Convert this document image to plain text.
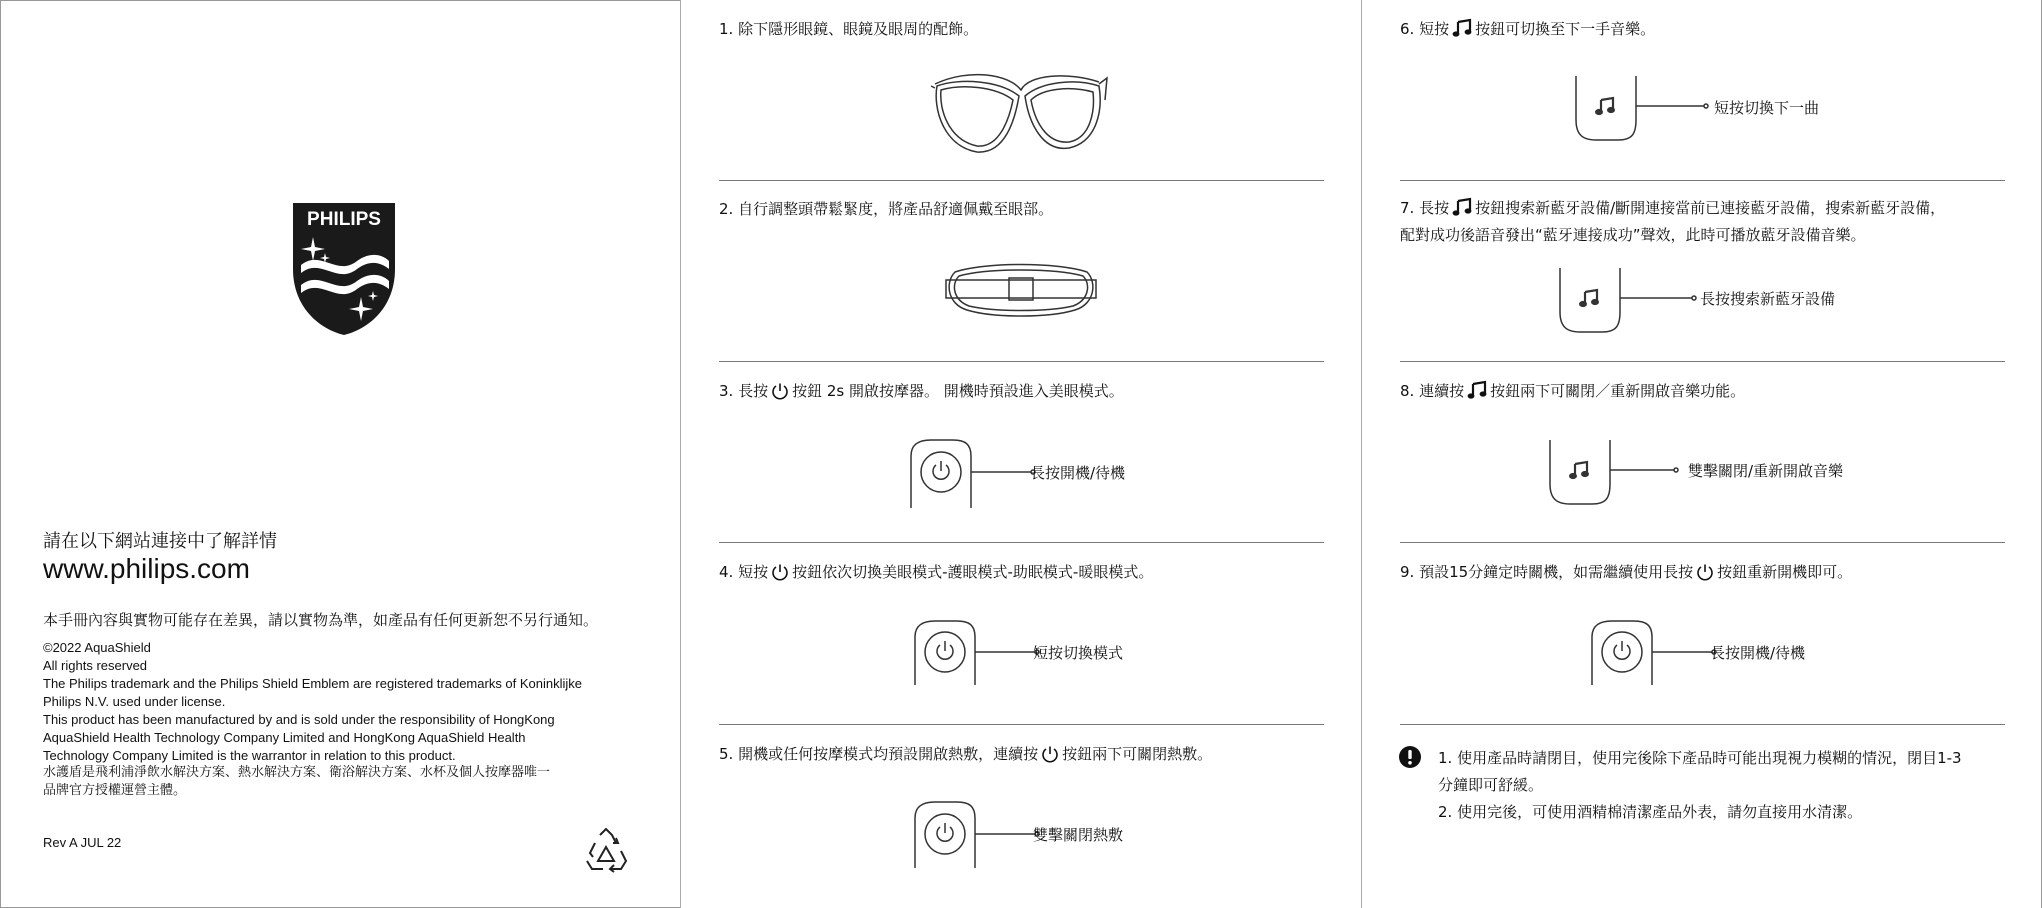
PHILIPS
請在以下網站連接中了解詳情
www.philips.com
本手冊內容與實物可能存在差異，請以實物為準，如產品有任何更新恕不另行通知。
©2022 AquaShield
All rights reserved
The Philips trademark and the Philips Shield Emblem are registered trademarks of Koninklijke
Philips N.V. used under license.
This product has been manufactured by and is sold under the responsibility of HongKong
AquaShield Health Technology Company Limited and HongKong AquaShield Health
Technology Company Limited is the warrantor in relation to this product.
水護盾是飛利浦淨飲水解決方案、熱水解決方案、衛浴解決方案、水杯及個人按摩器唯一
品牌官方授權運營主體。
Rev A JUL 22
1. 除下隱形眼鏡、眼鏡及眼周的配飾。
2. 自行調整頭帶鬆緊度，將產品舒適佩戴至眼部。
3. 長按 按鈕 2s 開啟按摩器。 開機時預設進入美眼模式。
長按開機/待機
4. 短按 按鈕依次切換美眼模式-護眼模式-助眠模式-暖眼模式。
短按切換模式
5. 開機或任何按摩模式均預設開啟熱敷，連續按 按鈕兩下可關閉熱敷。
雙擊關閉熱敷
6. 短按 按鈕可切換至下一手音樂。
短按切換下一曲
7. 長按 按鈕搜索新藍牙設備/斷開連接當前已連接藍牙設備，搜索新藍牙設備，
配對成功後語音發出“藍牙連接成功”聲效，此時可播放藍牙設備音樂。
長按搜索新藍牙設備
8. 連續按 按鈕兩下可關閉／重新開啟音樂功能。
雙擊關閉/重新開啟音樂
9. 預設15分鐘定時關機，如需繼續使用長按 按鈕重新開機即可。
長按開機/待機
1. 使用產品時請閉目，使用完後除下產品時可能出現視力模糊的情況，閉目1-3
分鐘即可舒緩。
2. 使用完後，可使用酒精棉清潔產品外表，請勿直接用水清潔。
